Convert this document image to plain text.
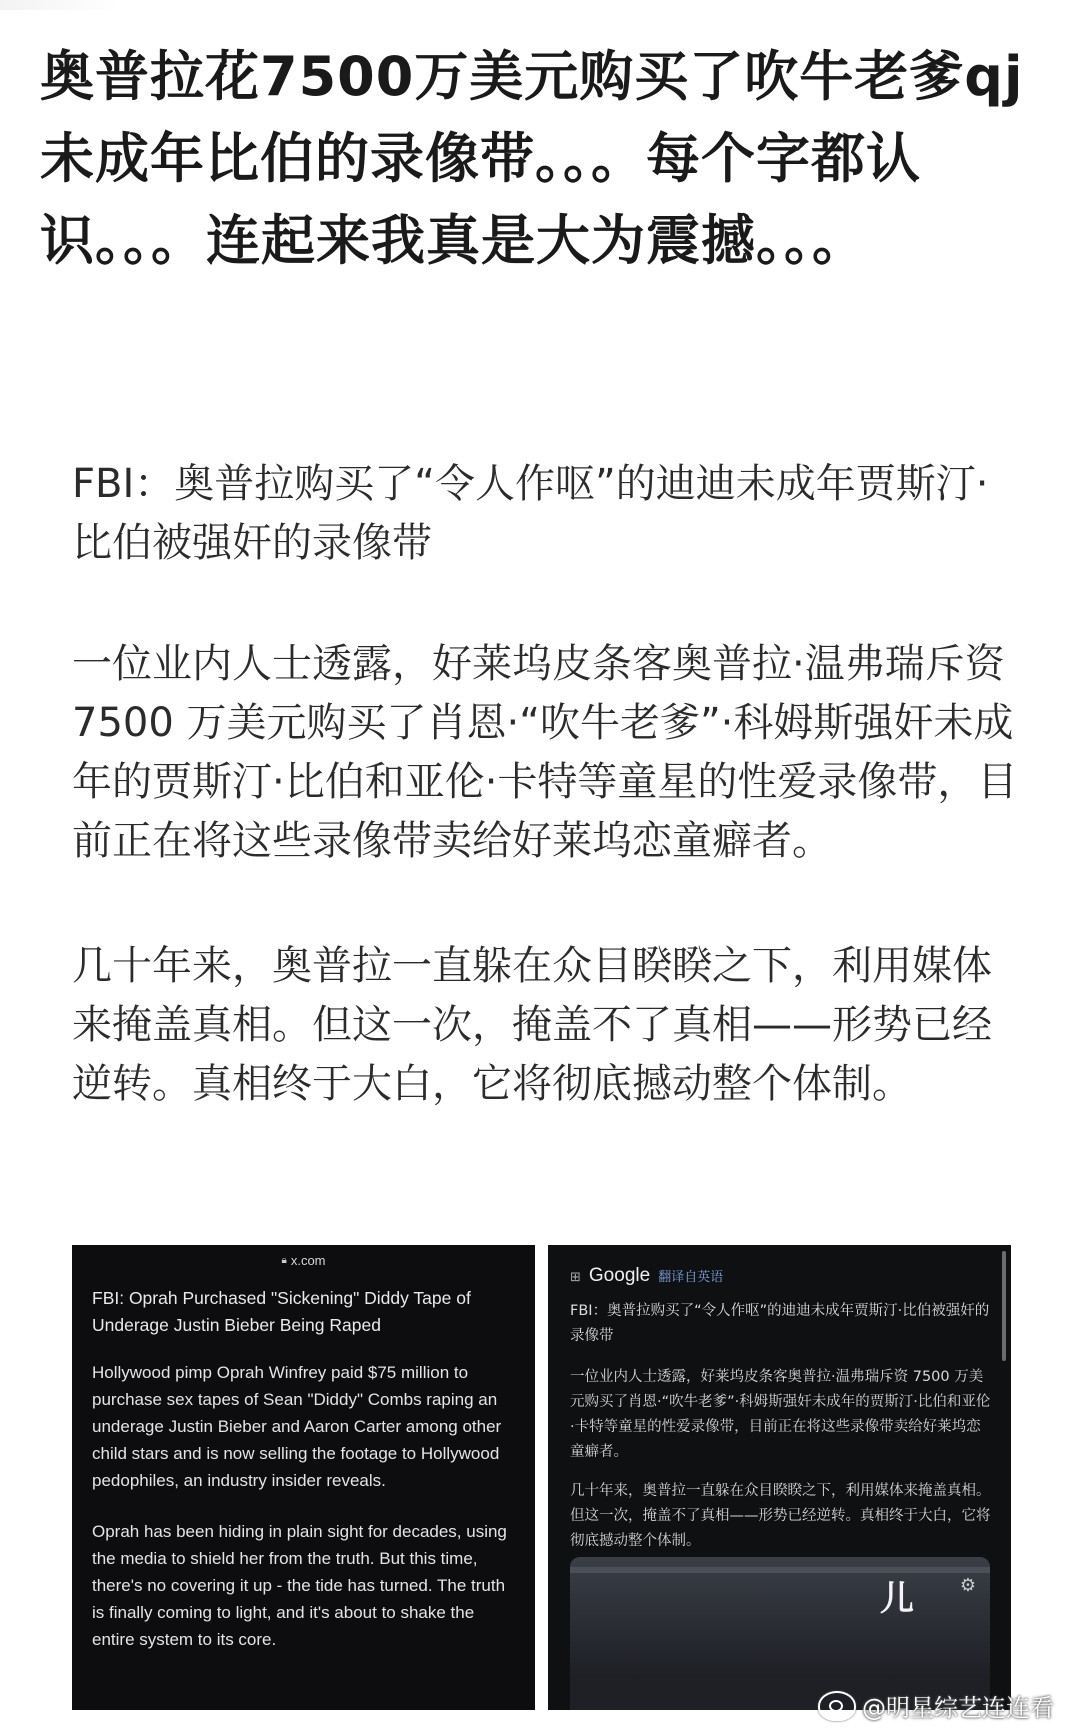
奥普拉花7500万美元购买了吹牛老爹qj未成年比伯的录像带。。。每个字都认识。。。连起来我真是大为震撼。。。

FBI：奥普拉购买了“令人作呕”的迪迪未成年贾斯汀·比伯被强奸的录像带

一位业内人士透露，好莱坞皮条客奥普拉·温弗瑞斥资 7500 万美元购买了肖恩·“吹牛老爹”·科姆斯强奸未成年的贾斯汀·比伯和亚伦·卡特等童星的性爱录像带，目前正在将这些录像带卖给好莱坞恋童癖者。

几十年来，奥普拉一直躲在众目睽睽之下，利用媒体来掩盖真相。但这一次，掩盖不了真相——形势已经逆转。真相终于大白，它将彻底撼动整个体制。

🔒︎ x.com
FBI: Oprah Purchased "Sickening" Diddy Tape of Underage Justin Bieber Being Raped
Hollywood pimp Oprah Winfrey paid $75 million to purchase sex tapes of Sean "Diddy" Combs raping an underage Justin Bieber and Aaron Carter among other child stars and is now selling the footage to Hollywood pedophiles, an industry insider reveals.
Oprah has been hiding in plain sight for decades, using the media to shield her from the truth. But this time, there's no covering it up - the tide has turned. The truth is finally coming to light, and it's about to shake the entire system to its core.
⊞ Google 翻译自英语
FBI：奥普拉购买了“令人作呕”的迪迪未成年贾斯汀·比伯被强奸的录像带
一位业内人士透露，好莱坞皮条客奥普拉·温弗瑞斥资 7500 万美元购买了肖恩·“吹牛老爹”·科姆斯强奸未成年的贾斯汀·比伯和亚伦·卡特等童星的性爱录像带，目前正在将这些录像带卖给好莱坞恋童癖者。
几十年来，奥普拉一直躲在众目睽睽之下，利用媒体来掩盖真相。但这一次，掩盖不了真相——形势已经逆转。真相终于大白，它将彻底撼动整个体制。
儿	⚙
@明星综艺连连看
